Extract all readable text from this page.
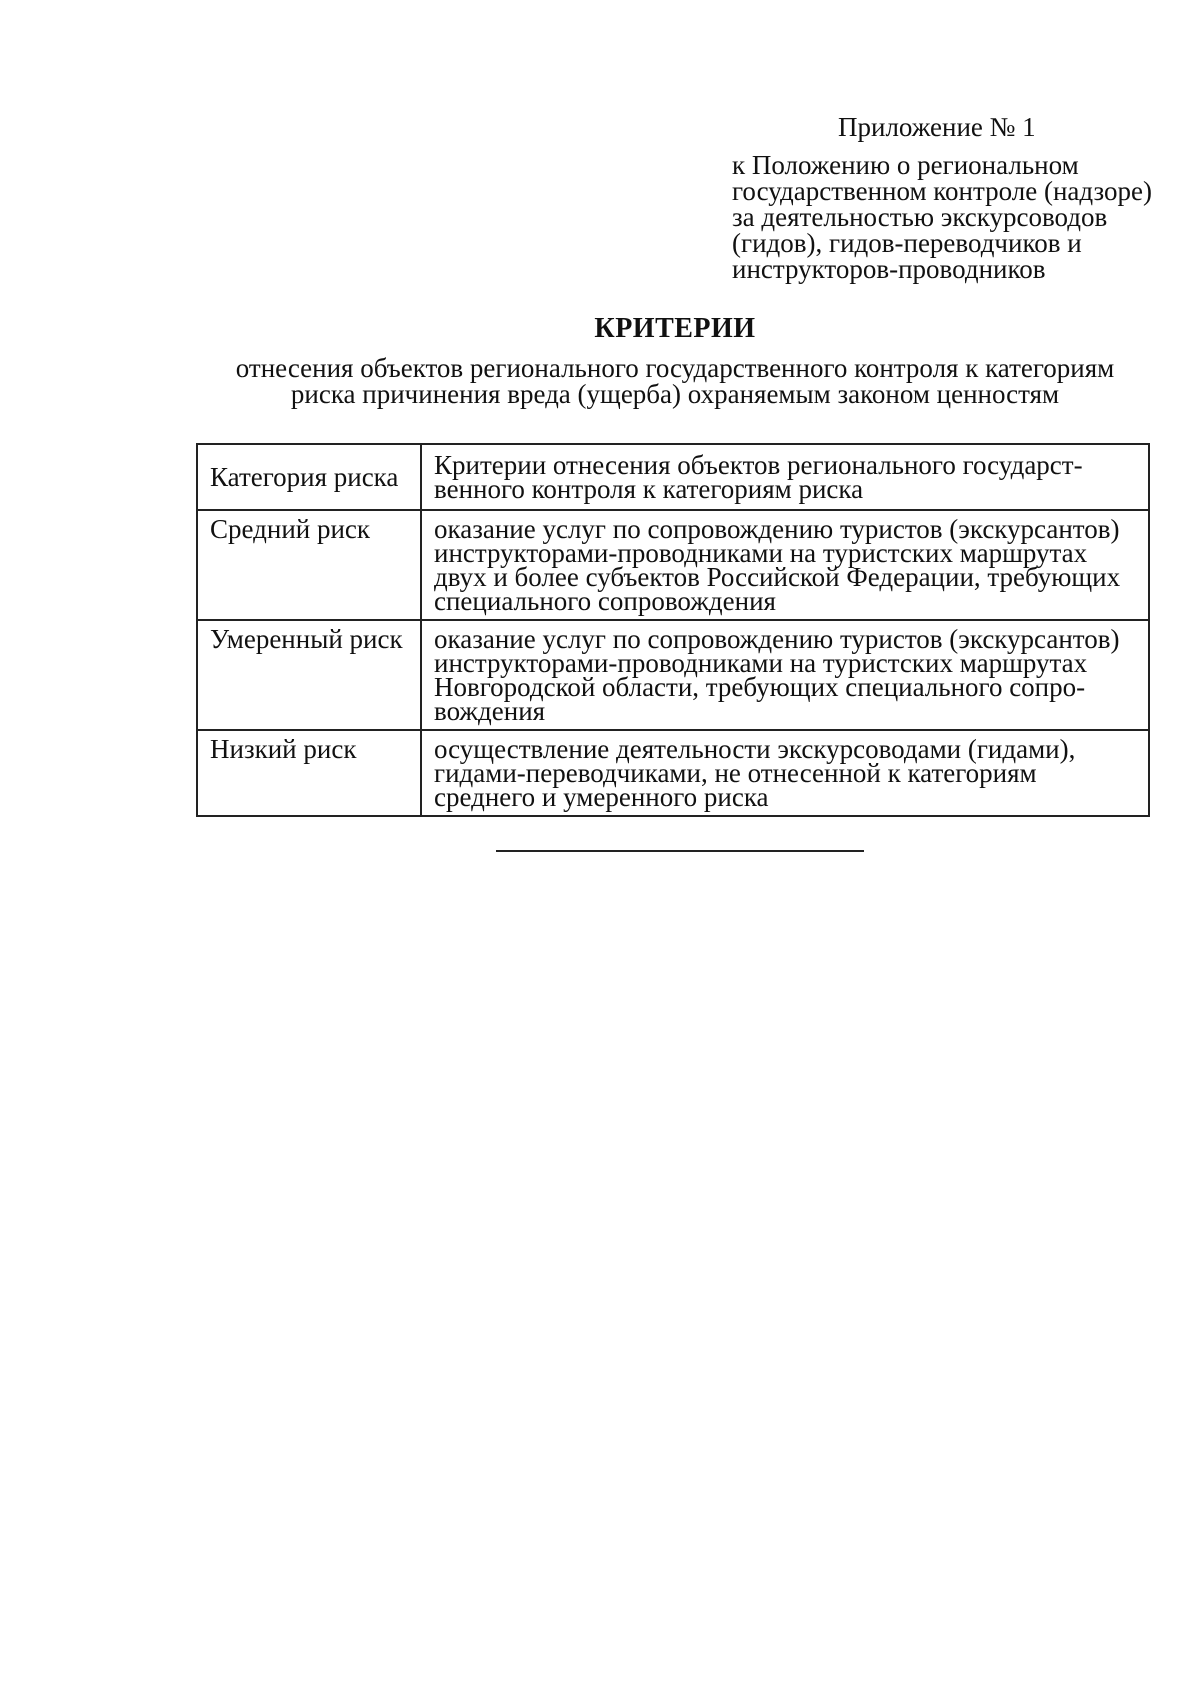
Приложение № 1
к Положению о региональном
государственном контроле (надзоре)
за деятельностью экскурсоводов
(гидов), гидов-переводчиков и
инструкторов-проводников
КРИТЕРИИ
отнесения объектов регионального государственного контроля к категориям
риска причинения вреда (ущерба) охраняемым законом ценностям
Категория риска	Критерии отнесения объектов регионального государст-
венного контроля к категориям риска

Средний риск	оказание услуг по сопровождению туристов (экскурсантов)
инструкторами-проводниками на туристских маршрутах
двух и более субъектов Российской Федерации, требующих
специального сопровождения

Умеренный риск	оказание услуг по сопровождению туристов (экскурсантов)
инструкторами-проводниками на туристских маршрутах
Новгородской области, требующих специального сопро-
вождения

Низкий риск	осуществление деятельности экскурсоводами (гидами),
гидами-переводчиками, не отнесенной к категориям
среднего и умеренного риска
